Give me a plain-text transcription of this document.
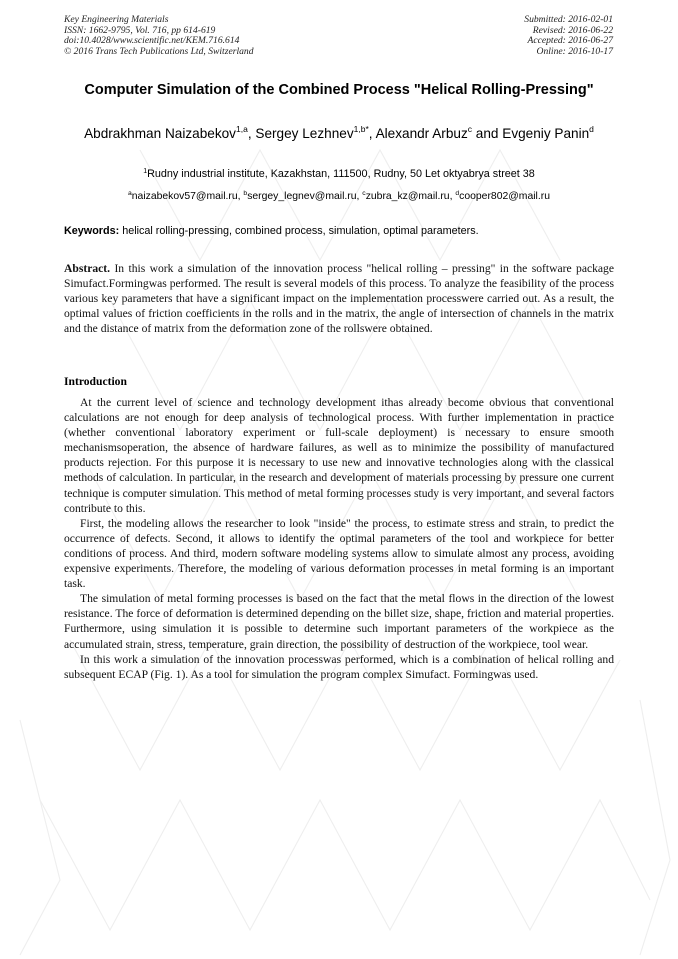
Key Engineering Materials
ISSN: 1662-9795, Vol. 716, pp 614-619
doi:10.4028/www.scientific.net/KEM.716.614
© 2016 Trans Tech Publications Ltd, Switzerland
Submitted: 2016-02-01
Revised: 2016-06-22
Accepted: 2016-06-27
Online: 2016-10-17
Computer Simulation of the Combined Process "Helical Rolling-Pressing"
Abdrakhman Naizabekov$^{1,a}$, Sergey Lezhnev$^{1,b*}$, Alexandr Arbuz$^c$ and Evgeniy Panin$^d$
$^1$Rudny industrial institute, Kazakhstan, 111500, Rudny, 50 Let oktyabrya street 38
$^a$naizabekov57@mail.ru, $^b$sergey_legnev@mail.ru, $^c$zubra_kz@mail.ru, $^d$cooper802@mail.ru
Keywords: helical rolling-pressing, combined process, simulation, optimal parameters.
Abstract. In this work a simulation of the innovation process "helical rolling – pressing" in the software package Simufact.Formingwas performed. The result is several models of this process. To analyze the feasibility of the process various key parameters that have a significant impact on the implementation processwere carried out. As a result, the optimal values of friction coefficients in the rolls and in the matrix, the angle of intersection of channels in the matrix and the distance of matrix from the deformation zone of the rollswere obtained.
Introduction

At the current level of science and technology development ithas already become obvious that conventional calculations are not enough for deep analysis of technological process. With further implementation in practice (whether conventional laboratory experiment or full-scale deployment) is necessary to ensure smooth mechanismsoperation, the absence of hardware failures, as well as to minimize the possibility of manufactured products rejection. For this purpose it is necessary to use new and innovative technologies along with the classical methods of calculation. In particular, in the research and development of materials processing by pressure one current technique is computer simulation. This method of metal forming processes study is very important, and several factors contribute to this.

First, the modeling allows the researcher to look "inside" the process, to estimate stress and strain, to predict the occurrence of defects. Second, it allows to identify the optimal parameters of the tool and workpiece for better conditions of process. And third, modern software modeling systems allow to simulate almost any process, avoiding expensive experiments. Therefore, the modeling of various deformation processes in metal forming is an important task.

The simulation of metal forming processes is based on the fact that the metal flows in the direction of the lowest resistance. The force of deformation is determined depending on the billet size, shape, friction and material properties. Furthermore, using simulation it is possible to determine such important parameters of the workpiece as the accumulated strain, stress, temperature, grain direction, the possibility of destruction of the workpiece, tool wear.

In this work a simulation of the innovation processwas performed, which is a combination of helical rolling and subsequent ECAP (Fig. 1). As a tool for simulation the program complex Simufact. Formingwas used.
